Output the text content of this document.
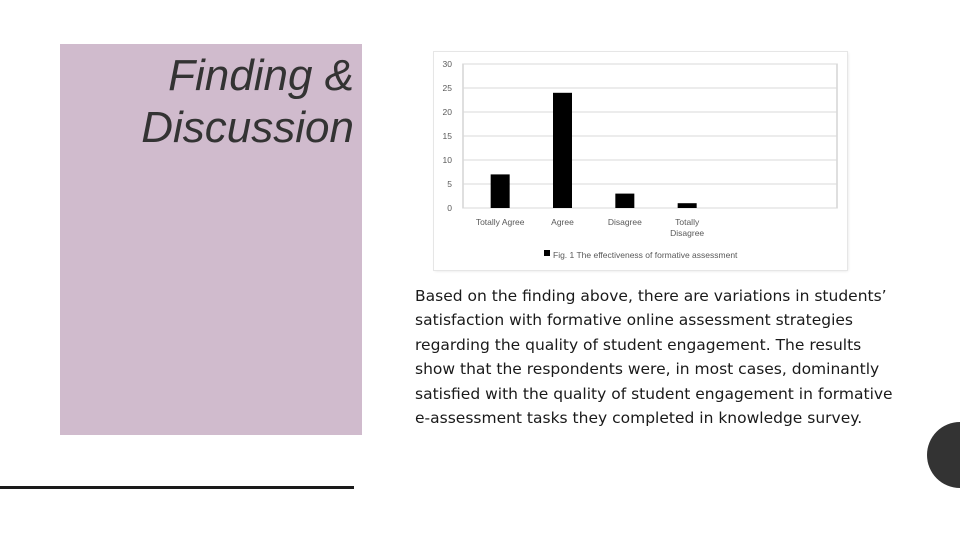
Finding &
Discussion
0
5
10
15
20
25
30
Totally Agree	Agree	Disagree	Totally
Disagree
Fig. 1 The effectiveness of formative assessment
Based on the finding above, there are variations in students’ satisfaction with formative online assessment strategies regarding the quality of student engagement. The results show that the respondents were, in most cases, dominantly satisfied with the quality of student engagement in formative e-assessment tasks they completed in knowledge survey.
